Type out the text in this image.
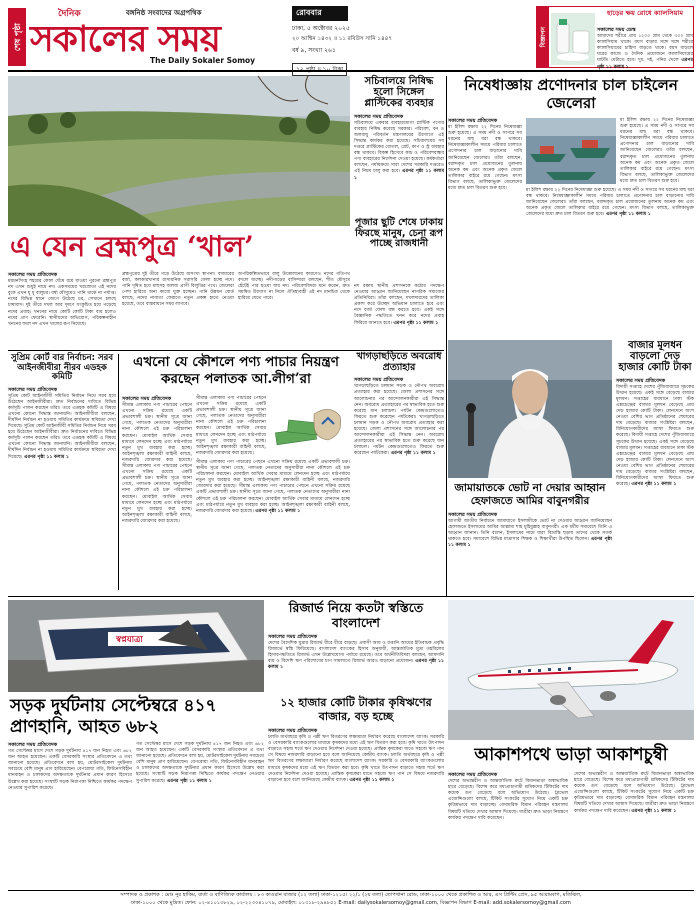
শেষ পৃষ্ঠা
দৈনিক
সকালের সময়
বঙ্গনিষ্ঠ সংবাদের অগ্রপথিক
The Daily Sokaler Somoy
রোববার
ঢাকা, ৫ অক্টোবর ২০২৫
২০ আশ্বিন ১৪৩২ ॥ ১১ রবিউস সানি ১৪৪৭
বর্ষ ৯, সংখ্যা ২৬১
বিজ্ঞাপন
হাড়ের ক্ষয় রোধে ক্যালসিয়াম
সকালের সময় ডেস্ক
আমাদের শরীরে প্রায় ১২০০ গ্রাম থেকে ৩০০ গ্রাম ক্যালসিয়াম থাকে। বয়স বাড়ার সঙ্গে সঙ্গে শরীরে ক্যালসিয়ামের চাহিদা বাড়তে থাকে। বয়স বাড়লে ঘরের কাজে ও দৈনিক প্রয়োজনে ক্যালসিয়ামের ঘাটতি মেটাতে হবে। দুধ, দই, পনির খেলে এরপর পৃষ্ঠা ১১ কলাম ১
সচিবালয়ে নিষিদ্ধ হলো সিঙ্গেল প্লাস্টিকের ব্যবহার
সকালের সময় প্রতিবেদক
সচিবালয়ে একবার ব্যবহারযোগ্য প্লাস্টিক পণ্যের ব্যবহার নিষিদ্ধ করেছে সরকার। পরিবেশ, বন ও জলবায়ু পরিবর্তন মন্ত্রণালয়ের উদ্যোগে এই সিদ্ধান্ত কার্যকর করা হয়েছে। সচিবালয়ের সব দপ্তরে প্লাস্টিকের বোতল, প্লেট, কাপ ও স্ট্র ব্যবহার বন্ধ থাকবে। বিকল্প হিসেবে কাচ ও পরিবেশবান্ধব পণ্য ব্যবহারের নির্দেশনা দেওয়া হয়েছে। কর্মকর্তারা বলছেন, পর্যায়ক্রমে সারা দেশের সরকারি দপ্তরেও এই নিয়ম চালু করা হবে। এরপর পৃষ্ঠা ১১ কলাম ১
নিষেধাজ্ঞায় প্রণোদনার চাল চাইলেন জেলেরা
সকালের সময় প্রতিবেদক
মা ইলিশ রক্ষায় ২২ দিনের নিষেধাজ্ঞা শুরু হয়েছে। এ সময় নদী ও সাগরে সব ধরনের মাছ ধরা বন্ধ থাকবে। নিষেধাজ্ঞাকালীন সময়ে পরিবার চালাতে প্রণোদনার চাল বাড়ানোর দাবি জানিয়েছেন জেলেরা। তাঁরা বলছেন, বরাদ্দকৃত চাল প্রয়োজনের তুলনায় অনেক কম এবং অনেক প্রকৃত জেলে তালিকার বাইরে রয়ে গেছেন। মৎস্য বিভাগ বলছে, তালিকাভুক্ত জেলেদের মধ্যে দ্রুত চাল বিতরণ শুরু হবে।
মা ইলিশ রক্ষায় ২২ দিনের নিষেধাজ্ঞা শুরু হয়েছে। এ সময় নদী ও সাগরে সব ধরনের মাছ ধরা বন্ধ থাকবে। নিষেধাজ্ঞাকালীন সময়ে পরিবার চালাতে প্রণোদনার চাল বাড়ানোর দাবি জানিয়েছেন জেলেরা। তাঁরা বলছেন, বরাদ্দকৃত চাল প্রয়োজনের তুলনায় অনেক কম এবং অনেক প্রকৃত জেলে তালিকার বাইরে রয়ে গেছেন। মৎস্য বিভাগ বলছে, তালিকাভুক্ত জেলেদের মধ্যে দ্রুত চাল বিতরণ শুরু হবে।
মা ইলিশ রক্ষায় ২২ দিনের নিষেধাজ্ঞা শুরু হয়েছে। এ সময় নদী ও সাগরে সব ধরনের মাছ ধরা বন্ধ থাকবে। নিষেধাজ্ঞাকালীন সময়ে পরিবার চালাতে প্রণোদনার চাল বাড়ানোর দাবি জানিয়েছেন জেলেরা। তাঁরা বলছেন, বরাদ্দকৃত চাল প্রয়োজনের তুলনায় অনেক কম এবং অনেক প্রকৃত জেলে তালিকার বাইরে রয়ে গেছেন। মৎস্য বিভাগ বলছে, তালিকাভুক্ত জেলেদের মধ্যে দ্রুত চাল বিতরণ শুরু হবে। এরপর পৃষ্ঠা ১১ কলাম ১
পূজার ছুটি শেষে ঢাকায় ফিরছে মানুষ, চেনা রূপ পাচ্ছে রাজধানী
এ যেন ব্রহ্মপুত্র ‘খাল’
সকালের সময় প্রতিবেদক
ময়মনসিংহ শহরের কোল ঘেঁষে বয়ে যাওয়া পুরনো ব্রহ্মপুত্র নদ এখন শুধুই নামে নদ। একসময়ের খরস্রোতা এই নদের বুকে এখন ধূ ধূ বালুচর। বর্ষা মৌসুমেও পানি থাকে না পর্যাপ্ত। নদের বিভিন্ন স্থানে জেগে উঠেছে চর, সেখানে চলছে চাষাবাদ। দুই তীরে দখল আর দূষণে সংকুচিত হয়ে পড়েছে নদের প্রবাহ। খননের নামে কোটি কোটি টাকা ব্যয় হলেও নদের প্রাণ ফেরেনি। স্থানীয়দের অভিযোগ, পরিকল্পনাহীন খননের ফলে নদ এখন খালের রূপ নিয়েছে।
ব্রহ্মপুত্রের দুই তীরে গড়ে উঠেছে অসংখ্য স্থাপনা। বাজারের বর্জ্য, কলকারখানার রাসায়নিক সরাসরি ফেলা হচ্ছে নদে। পানি দূষিত হয়ে মাছসহ জলজ প্রাণী বিলুপ্তির পথে। জেলেরা পেশা হারিয়ে অন্য কাজে যুক্ত হচ্ছেন। পানি উন্নয়ন বোর্ড বলছে, নদের নাব্যতা ফেরাতে নতুন প্রকল্প হাতে নেওয়া হয়েছে, তবে বাস্তবায়নে সময় লাগবে।
অপরিকল্পিতভাবে বালু উত্তোলনের কারণেও নদের গতিপথ বদলে যাচ্ছে। নদীপাড়ের বাসিন্দারা বলছেন, শীত মৌসুমে হেঁটেই পার হওয়া যায় নদ। পরিবেশবিদরা মনে করেন, দ্রুত সমন্বিত উদ্যোগ না নিলে ঐতিহ্যবাহী এই নদ মানচিত্র থেকে হারিয়ে যেতে পারে।
নদ রক্ষায় স্থানীয় প্রশাসনকে কঠোর পদক্ষেপ নেওয়ার আহ্বান জানিয়েছেন নাগরিক সমাজের প্রতিনিধিরা। তাঁরা বলছেন, দখলদারদের তালিকা প্রকাশ করে উচ্ছেদ অভিযান চালাতে হবে এবং নদে বর্জ্য ফেলা বন্ধ করতে হবে। একই সঙ্গে বৈজ্ঞানিক পদ্ধতিতে খনন করে নদের প্রবাহ ফিরিয়ে আনতে হবে। এরপর পৃষ্ঠা ১১ কলাম ১
সুপ্রিম কোর্ট বার নির্বাচন: সরব আইনজীবীরা নীরব এডহক কমিটি
সকালের সময় প্রতিবেদক
সুপ্রিম কোর্ট আইনজীবী সমিতির নির্বাচন নিয়ে সরব হয়ে উঠেছেন আইনজীবীরা। দ্রুত নির্বাচনের দাবিতে বিভিন্ন কর্মসূচি পালন করছেন তাঁরা। তবে এডহক কমিটি এ বিষয়ে এখনো কোনো সিদ্ধান্ত জানায়নি। আইনজীবীরা বলছেন, দীর্ঘদিন নির্বাচন না হওয়ায় সমিতির কার্যক্রমে স্থবিরতা দেখা দিয়েছে। সুপ্রিম কোর্ট আইনজীবী সমিতির নির্বাচন নিয়ে সরব হয়ে উঠেছেন আইনজীবীরা। দ্রুত নির্বাচনের দাবিতে বিভিন্ন কর্মসূচি পালন করছেন তাঁরা। তবে এডহক কমিটি এ বিষয়ে এখনো কোনো সিদ্ধান্ত জানায়নি। আইনজীবীরা বলছেন, দীর্ঘদিন নির্বাচন না হওয়ায় সমিতির কার্যক্রমে স্থবিরতা দেখা দিয়েছে। এরপর পৃষ্ঠা ১১ কলাম ১
এখনো যে কৌশলে পণ্য পাচার নিয়ন্ত্রণ করছেন পলাতক আ.লীগ’রা
সকালের সময় প্রতিবেদক
সীমান্ত এলাকায় পণ্য পাচারের পেছনে এখনো সক্রিয় রয়েছে একটি প্রভাবশালী চক্র। স্থানীয় সূত্রে জানা গেছে, পলাতক নেতাদের অনুসারীরা নানা কৌশলে এই চক্র পরিচালনা করছেন। মোবাইল আর্থিক সেবার মাধ্যমে লেনদেন হচ্ছে এবং মাঠপর্যায়ে নতুন মুখ ব্যবহার করা হচ্ছে। আইনশৃঙ্খলা রক্ষাকারী বাহিনী বলছে, নজরদারি জোরদার করা হয়েছে। সীমান্ত এলাকায় পণ্য পাচারের পেছনে এখনো সক্রিয় রয়েছে একটি প্রভাবশালী চক্র। স্থানীয় সূত্রে জানা গেছে, পলাতক নেতাদের অনুসারীরা নানা কৌশলে এই চক্র পরিচালনা করছেন। মোবাইল আর্থিক সেবার মাধ্যমে লেনদেন হচ্ছে এবং মাঠপর্যায়ে নতুন মুখ ব্যবহার করা হচ্ছে। আইনশৃঙ্খলা রক্ষাকারী বাহিনী বলছে, নজরদারি জোরদার করা হয়েছে।
সীমান্ত এলাকায় পণ্য পাচারের পেছনে এখনো সক্রিয় রয়েছে একটি প্রভাবশালী চক্র। স্থানীয় সূত্রে জানা গেছে, পলাতক নেতাদের অনুসারীরা নানা কৌশলে এই চক্র পরিচালনা করছেন। মোবাইল আর্থিক সেবার মাধ্যমে লেনদেন হচ্ছে এবং মাঠপর্যায়ে নতুন মুখ ব্যবহার করা হচ্ছে। আইনশৃঙ্খলা রক্ষাকারী বাহিনী বলছে, নজরদারি জোরদার করা হয়েছে।
সীমান্ত এলাকায় পণ্য পাচারের পেছনে এখনো সক্রিয় রয়েছে একটি প্রভাবশালী চক্র। স্থানীয় সূত্রে জানা গেছে, পলাতক নেতাদের অনুসারীরা নানা কৌশলে এই চক্র পরিচালনা করছেন। মোবাইল আর্থিক সেবার মাধ্যমে লেনদেন হচ্ছে এবং মাঠপর্যায়ে নতুন মুখ ব্যবহার করা হচ্ছে। আইনশৃঙ্খলা রক্ষাকারী বাহিনী বলছে, নজরদারি জোরদার করা হয়েছে। সীমান্ত এলাকায় পণ্য পাচারের পেছনে এখনো সক্রিয় রয়েছে একটি প্রভাবশালী চক্র। স্থানীয় সূত্রে জানা গেছে, পলাতক নেতাদের অনুসারীরা নানা কৌশলে এই চক্র পরিচালনা করছেন। মোবাইল আর্থিক সেবার মাধ্যমে লেনদেন হচ্ছে এবং মাঠপর্যায়ে নতুন মুখ ব্যবহার করা হচ্ছে। আইনশৃঙ্খলা রক্ষাকারী বাহিনী বলছে, নজরদারি জোরদার করা হয়েছে। এরপর পৃষ্ঠা ১১ কলাম ১
খাগড়াছড়িতে অবরোধ প্রত্যাহার
সকালের সময় প্রতিবেদক
খাগড়াছড়িতে চলমান সড়ক ও নৌপথ অবরোধ প্রত্যাহার করা হয়েছে। জেলা প্রশাসনের সঙ্গে আলোচনার পর আন্দোলনকারীরা এই সিদ্ধান্ত নেন। অবরোধ প্রত্যাহারের পর স্বাভাবিক হতে শুরু করেছে যান চলাচল। পর্যটন কেন্দ্রগুলোতেও ফিরতে শুরু করেছেন পর্যটকেরা। খাগড়াছড়িতে চলমান সড়ক ও নৌপথ অবরোধ প্রত্যাহার করা হয়েছে। জেলা প্রশাসনের সঙ্গে আলোচনার পর আন্দোলনকারীরা এই সিদ্ধান্ত নেন। অবরোধ প্রত্যাহারের পর স্বাভাবিক হতে শুরু করেছে যান চলাচল। পর্যটন কেন্দ্রগুলোতেও ফিরতে শুরু করেছেন পর্যটকেরা। এরপর পৃষ্ঠা ১১ কলাম ১
বাজার মূলধন বাড়লো দেড় হাজার কোটি টাকা
সকালের সময় প্রতিবেদক
বিদায়ী সপ্তাহে দেশের পুঁজিবাজারে সূচকের উত্থান হয়েছে। একই সঙ্গে বেড়েছে বাজার মূলধন। সপ্তাহের ব্যবধানে ঢাকা স্টক এক্সচেঞ্জের বাজার মূলধন বেড়েছে প্রায় দেড় হাজার কোটি টাকা। লেনদেনে অংশ নেওয়া বেশির ভাগ প্রতিষ্ঠানের শেয়ারের দাম বেড়েছে। বাজার সংশ্লিষ্টরা বলছেন, বিনিয়োগকারীদের আস্থা ফিরতে শুরু করেছে। বিদায়ী সপ্তাহে দেশের পুঁজিবাজারে সূচকের উত্থান হয়েছে। একই সঙ্গে বেড়েছে বাজার মূলধন। সপ্তাহের ব্যবধানে ঢাকা স্টক এক্সচেঞ্জের বাজার মূলধন বেড়েছে প্রায় দেড় হাজার কোটি টাকা। লেনদেনে অংশ নেওয়া বেশির ভাগ প্রতিষ্ঠানের শেয়ারের দাম বেড়েছে। বাজার সংশ্লিষ্টরা বলছেন, বিনিয়োগকারীদের আস্থা ফিরতে শুরু করেছে। এরপর পৃষ্ঠা ১১ কলাম ১
জামায়াতকে ভোট না দেয়ার আহ্বান হেফাজতে আমির বাবুনগরীর
সকালের সময় প্রতিবেদক
আগামী জাতীয় নির্বাচনে জামায়াতে ইসলামীকে ভোট না দেওয়ার আহ্বান জানিয়েছেন হেফাজতে ইসলামের আমির আল্লামা শাহ মুহিবুল্লাহ বাবুনগরী। এক ধর্মীয় সমাবেশে তিনি এ আহ্বান জানান। তিনি বলেন, ইসলামের নামে যারা বিভ্রান্তি ছড়ায় তাদের থেকে সতর্ক থাকতে হবে। সমাবেশে বিভিন্ন মাদ্রাসার শিক্ষক ও শিক্ষার্থীরা উপস্থিত ছিলেন। এরপর পৃষ্ঠা ১১ কলাম ১
স্বপ্নযাত্রা
রিজার্ভ নিয়ে কতটা স্বস্তিতে বাংলাদেশ
সকালের সময় প্রতিবেদক
দেশের বৈদেশিক মুদ্রার রিজার্ভ ধীরে ধীরে বাড়ছে। প্রবাসী আয় ও রপ্তানি আয়ের ইতিবাচক প্রবৃদ্ধি রিজার্ভে স্বস্তি ফিরিয়েছে। বাংলাদেশ ব্যাংকের হিসাব অনুযায়ী, আন্তর্জাতিক মুদ্রা তহবিলের হিসাবপদ্ধতিতে রিজার্ভ এখন উল্লেখযোগ্য পর্যায়ে রয়েছে। তবে অর্থনীতিবিদরা বলছেন, আমদানি ব্যয় ও বিদেশি ঋণ পরিশোধের চাপ সামলাতে রিজার্ভ আরও বাড়ানো প্রয়োজন। এরপর পৃষ্ঠা ১১ কলাম ১
সড়ক দুর্ঘটনায় সেপ্টেম্বরে ৪১৭ প্রাণহানি, আহত ৬৮২
সকালের সময় প্রতিবেদক
গত সেপ্টেম্বর মাসে দেশে সড়ক দুর্ঘটনায় ৪১৭ জন নিহত এবং ৬৮২ জন আহত হয়েছেন। একটি বেসরকারি সংস্থার প্রতিবেদনে এ তথ্য জানানো হয়েছে। প্রতিবেদনে বলা হয়, মোটরসাইকেল দুর্ঘটনায় সবচেয়ে বেশি মানুষ প্রাণ হারিয়েছেন। বেপরোয়া গতি, ফিটনেসবিহীন যানবাহন ও চালকদের অদক্ষতাকে দুর্ঘটনার প্রধান কারণ হিসেবে উল্লেখ করা হয়েছে। সংস্থাটি সড়ক নিরাপত্তা নিশ্চিতে কার্যকর পদক্ষেপ নেওয়ার সুপারিশ করেছে।
গত সেপ্টেম্বর মাসে দেশে সড়ক দুর্ঘটনায় ৪১৭ জন নিহত এবং ৬৮২ জন আহত হয়েছেন। একটি বেসরকারি সংস্থার প্রতিবেদনে এ তথ্য জানানো হয়েছে। প্রতিবেদনে বলা হয়, মোটরসাইকেল দুর্ঘটনায় সবচেয়ে বেশি মানুষ প্রাণ হারিয়েছেন। বেপরোয়া গতি, ফিটনেসবিহীন যানবাহন ও চালকদের অদক্ষতাকে দুর্ঘটনার প্রধান কারণ হিসেবে উল্লেখ করা হয়েছে। সংস্থাটি সড়ক নিরাপত্তা নিশ্চিতে কার্যকর পদক্ষেপ নেওয়ার সুপারিশ করেছে। এরপর পৃষ্ঠা ১১ কলাম ১
১২ হাজার কোটি টাকার কৃষিঋণের বাজার, বড় হচ্ছে
সকালের সময় প্রতিবেদক
চলতি অর্থবছরে কৃষি ও পল্লী ঋণ বিতরণের লক্ষ্যমাত্রা নির্ধারণ করেছে বাংলাদেশ ব্যাংক। সরকারি ও বেসরকারি ব্যাংকগুলোর মাধ্যমে কৃষকদের মধ্যে এই ঋণ বিতরণ করা হবে। কৃষি খাতে উৎপাদন বাড়াতে সহজ শর্তে ঋণ দেওয়ার নির্দেশনা দেওয়া হয়েছে। প্রান্তিক কৃষকেরা যাতে সহজে ঋণ পান সে বিষয়ে নজরদারি বাড়ানো হবে বলে জানিয়েছে কেন্দ্রীয় ব্যাংক। চলতি অর্থবছরে কৃষি ও পল্লী ঋণ বিতরণের লক্ষ্যমাত্রা নির্ধারণ করেছে বাংলাদেশ ব্যাংক। সরকারি ও বেসরকারি ব্যাংকগুলোর মাধ্যমে কৃষকদের মধ্যে এই ঋণ বিতরণ করা হবে। কৃষি খাতে উৎপাদন বাড়াতে সহজ শর্তে ঋণ দেওয়ার নির্দেশনা দেওয়া হয়েছে। প্রান্তিক কৃষকেরা যাতে সহজে ঋণ পান সে বিষয়ে নজরদারি বাড়ানো হবে বলে জানিয়েছে কেন্দ্রীয় ব্যাংক। এরপর পৃষ্ঠা ১১ কলাম ১
আকাশপথে ভাড়া আকাশচুম্বী
সকালের সময় প্রতিবেদক
দেশের অভ্যন্তরীণ ও আন্তর্জাতিক রুটে বিমানভাড়া অস্বাভাবিক হারে বেড়েছে। বিশেষ করে মধ্যপ্রাচ্যগামী শ্রমিকদের টিকিটের দাম কয়েক গুণ বেড়েছে বলে অভিযোগ উঠেছে। ট্রাভেল এজেন্সিগুলো বলছে, টিকিট সংকটের সুযোগ নিয়ে একটি চক্র কৃত্রিমভাবে দাম বাড়াচ্ছে। বেসামরিক বিমান পরিবহন মন্ত্রণালয় বিষয়টি খতিয়ে দেখার আশ্বাস দিয়েছে। যাত্রীরা দ্রুত ভাড়া নিয়ন্ত্রণে কার্যকর পদক্ষেপ দাবি করেছেন।
দেশের অভ্যন্তরীণ ও আন্তর্জাতিক রুটে বিমানভাড়া অস্বাভাবিক হারে বেড়েছে। বিশেষ করে মধ্যপ্রাচ্যগামী শ্রমিকদের টিকিটের দাম কয়েক গুণ বেড়েছে বলে অভিযোগ উঠেছে। ট্রাভেল এজেন্সিগুলো বলছে, টিকিট সংকটের সুযোগ নিয়ে একটি চক্র কৃত্রিমভাবে দাম বাড়াচ্ছে। বেসামরিক বিমান পরিবহন মন্ত্রণালয় বিষয়টি খতিয়ে দেখার আশ্বাস দিয়েছে। যাত্রীরা দ্রুত ভাড়া নিয়ন্ত্রণে কার্যকর পদক্ষেপ দাবি করেছেন। এরপর পৃষ্ঠা ১১ কলাম ১
সম্পাদক ও প্রকাশক : মোঃ নুর হাকিম, বার্তা ও বাণিজ্যিক কার্যালয় : ৮৩ কাওরান বাজার (১২ তলা) ঢাকা-১২১৫। ২২/১ (২য় তলা) তোপখানা রোড, ঢাকা-১০০০ থেকে প্রকাশিত ও আর, এস প্রিন্টিং প্রেস, ৯৫ আরামবাগ, মতিঝিল,
ঢাকা-১০০০ থেকে মুদ্রিত। ফোন: ০২-৪১০১৩৮২৯, ০২-২২৩৩৪১০৭৯, মোবাইল: ০১৩১৮-২৯৪৮৫২ E-mail: dailysokalersomoy@gmail.com, বিজ্ঞাপন বিভাগ E-mail: add.sokalersomoy@gmail.com
